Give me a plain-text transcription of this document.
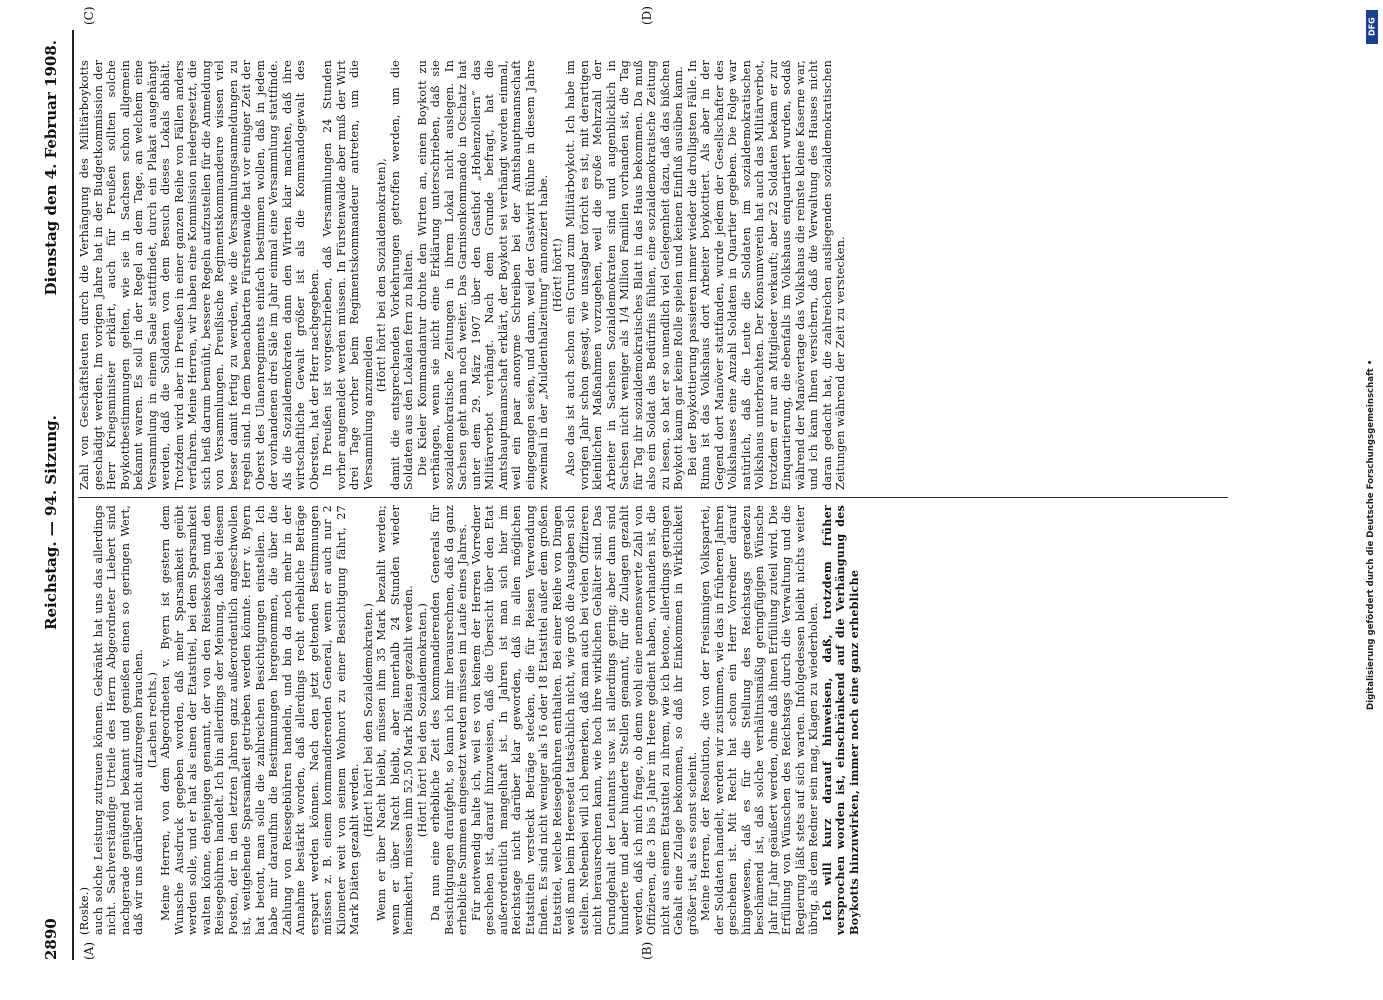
2890
Reichstag. — 94. Sitzung.
Dienstag den 4. Februar 1908.
(A)	(B)
(C)	(D)

(Roske.) auch solche Leistung zutrauen können. Gekränkt hat uns das allerdings nicht. Sachverständige Urteile des Herrn Abgeordneter Liebert sind nachgerade genügend bekannt und genießen einen so geringen Wert, daß wir uns darüber nicht aufzuregen brauchen. (Lachen rechts.) Meine Herren, von dem Abgeordneten v. Byern ist gestern dem Wunsche Ausdruck gegeben worden, daß mehr Sparsamkeit geübt werden solle, und er hat als einen der Etatstitel, bei dem Sparsamkeit walten könne, denjenigen genannt, der von den Reisekosten und den Reisegebühren handelt. Ich bin allerdings der Meinung, daß bei diesem Posten, der in den letzten Jahren ganz außerordentlich angeschwollen ist, weitgehende Sparsamkeit getrieben werden könnte. Herr v. Byern hat betont, man solle die zahlreichen Besichtigungen einstellen. Ich habe mir daraufhin die Bestimmungen hergenommen, die über die Zahlung von Reisegebühren handeln, und bin da noch mehr in der Annahme bestärkt worden, daß allerdings recht erhebliche Beträge erspart werden können. Nach den jetzt geltenden Bestimmungen müssen z. B. einem kommandierenden General, wenn er auch nur 2 Kilometer weit von seinem Wohnort zu einer Besichtigung fährt, 27 Mark Diäten gezahlt werden.

(Hört! hört! bei den Sozialdemokraten.) Wenn er über Nacht bleibt, müssen ihm 35 Mark bezahlt werden; wenn er über Nacht bleibt, aber innerhalb 24 Stunden wieder heimkehrt, müssen ihm 52,50 Mark Diäten gezahlt werden. (Hört! hört! bei den Sozialdemokraten.) Da nun eine erhebliche Zeit des kommandierenden Generals für Besichtigungen draufgeht, so kann ich mir herausrechnen, daß da ganz erhebliche Summen eingesetzt werden müssen im Laufe eines Jahres. Für notwendig halte ich, weil es von keinem der Herren Vorredner geschehen ist, darauf hinzuweisen, daß die Übersicht über den Etat außerordentlich mangelhaft ist. In Jahren ist man sich hier im Reichstage nicht darüber klar geworden, daß in allen möglichen Etatstiteln versteckt Beträge stecken, die für Reisen Verwendung finden. Es sind nicht weniger als 16 oder 18 Etatstitel außer dem großen Etatstitel, welche Reisegebühren enthalten. Bei einer Reihe von Dingen weiß man beim Heeresetat tatsächlich nicht, wie groß die Ausgaben sich stellen. Nebenbei will ich bemerken, daß man auch bei vielen Offizieren nicht herausrechnen kann, wie hoch ihre wirklichen Gehälter sind. Das Grundgehalt der Leutnants usw. ist allerdings gering; aber dann sind hunderte und aber hunderte Stellen genannt, für die Zulagen gezahlt werden, daß ich mich frage, ob denn wohl eine nennenswerte Zahl von Offizieren, die 3 bis 5 Jahre im Heere gedient haben, vorhanden ist, die nicht aus einem Etatstitel zu ihrem, wie ich betone, allerdings geringen Gehalt eine Zulage bekommen, so daß ihr Einkommen in Wirklichkeit größer ist, als es sonst scheint. Meine Herren, der Resolution, die von der Freisinnigen Volkspartei, der Soldaten handelt, werden wir zustimmen, wie das in früheren Jahren geschehen ist. Mit Recht hat schon ein Herr Vorredner darauf hingewiesen, daß es für die Stellung des Reichstags geradezu beschämend ist, daß solche verhältnismäßig geringfügigen Wünsche Jahr für Jahr geäußert werden, ohne daß ihnen Erfüllung zuteil wird. Die Erfüllung von Wünschen des Reichstags durch die Verwaltung und die Regierung läßt stets auf sich warten. Infolgedessen bleibt nichts weiter übrig, als dem Redner sein mag, Klagen zu wiederholen. Ich will kurz darauf hinweisen, daß, trotzdem früher versprochen worden ist, einschränkend auf die Verhängung des Boykotts hinzuwirken, immer noch eine ganz erhebliche

Zahl von Geschäftsleuten durch die Verhängung des Militärboykotts geschädigt werden. Im vorigen Jahre hat in der Budgetkommission der Herr Kriegsminister erklärt, auch für Preußen sollten solche Boykottbestimmungen gelten, wie sie in Sachsen schon allgemein bekannt waren. Es soll in der Regel an dem Tage, an welchem eine Versammlung in einem Saale stattfindet, durch ein Plakat ausgehängt werden, daß die Soldaten von dem Besuch dieses Lokals abhält. Trotzdem wird aber in Preußen in einer ganzen Reihe von Fällen anders verfahren. Meine Herren, wir haben eine Kommission niedergesetzt, die sich heiß darum bemüht, bessere Regeln aufzustellen für die Anmeldung von Versammlungen. Preußische Regimentskommandeure wissen viel besser damit fertig zu werden, wie die Versammlungsanmeldungen zu regeln sind. In dem benachbarten Fürstenwalde hat vor einiger Zeit der Oberst des Ulanenregiments einfach bestimmen wollen, daß in jedem der vorhandenen drei Säle im Jahr einmal eine Versammlung stattfinde. Als die Sozialdemokraten dann den Wirten klar machten, daß ihre wirtschaftliche Gewalt größer ist als die Kommandogewalt des Obersten, hat der Herr nachgegeben. In Preußen ist vorgeschrieben, daß Versammlungen 24 Stunden vorher angemeldet werden müssen. In Fürstenwalde aber muß der Wirt drei Tage vorher beim Regimentskommandeur antreten, um die Versammlung anzumelden

(Hört! hört! bei den Sozialdemokraten), damit die entsprechenden Vorkehrungen getroffen werden, um die Soldaten aus den Lokalen fern zu halten. Die Kieler Kommandantur drohte den Wirten an, einen Boykott zu verhängen, wenn sie nicht eine Erklärung unterschrieben, daß sie sozialdemokratische Zeitungen in ihrem Lokal nicht auslegen. In Sachsen geht man noch weiter. Das Garnisonkommando in Oschatz hat unter dem 29. März 1907 über den Gasthof „Hohenzollern“ das Militärverbot verhängt. Nach dem Grunde befragt, hat die Amtshauptmannschaft erklärt, der Boykott sei verhängt worden einmal, weil ein paar anonyme Schreiben bei der Amtshauptmannschaft eingegangen seien, und dann, weil der Gastwirt Rühne in diesem Jahre zweimal in der „Muldenthalzeitung“ annonziert habe. (Hört! hört!) Also das ist auch schon ein Grund zum Militärboykott. Ich habe im vorigen Jahr schon gesagt, wie unsagbar töricht es ist, mit derartigen kleinlichen Maßnahmen vorzugehen, weil die große Mehrzahl der Arbeiter in Sachsen Sozialdemokraten sind und augenblicklich in Sachsen nicht weniger als 1/4 Million Familien vorhanden ist, die Tag für Tag ihr sozialdemokratisches Blatt in das Haus bekommen. Da muß also ein Soldat das Bedürfnis fühlen, eine sozialdemokratische Zeitung zu lesen, so hat er so unendlich viel Gelegenheit dazu, daß das bißchen Boykott kaum gar keine Rolle spielen und keinen Einfluß ausüben kann. Bei der Boykottierung passieren immer wieder die drolligsten Fälle. In Rinna ist das Volkshaus dort Arbeiter boykottiert. Als aber in der Gegend dort Manöver stattfanden, wurde jedem der Gesellschafter des Volkshauses eine Anzahl Soldaten in Quartier gegeben. Die Folge war natürlich, daß die Leute die Soldaten im sozialdemokratischen Volkshaus unterbrachten. Der Konsumverein hat auch das Militärverbot, trotzdem er nur an Mitglieder verkauft; aber 22 Soldaten bekam er zur Einquartierung, die ebenfalls im Volkshaus einquartiert wurden, sodaß während der Manövertage das Volkshaus die reinste kleine Kaserne war, und ich kann Ihnen versichern, daß die Verwaltung des Hauses nicht daran gedacht hat, die zahlreichen ausliegenden sozialdemokratischen Zeitungen während der Zeit zu verstecken.

DFG
Digitalisierung gefördert durch die Deutsche Forschungsgemeinschaft •
